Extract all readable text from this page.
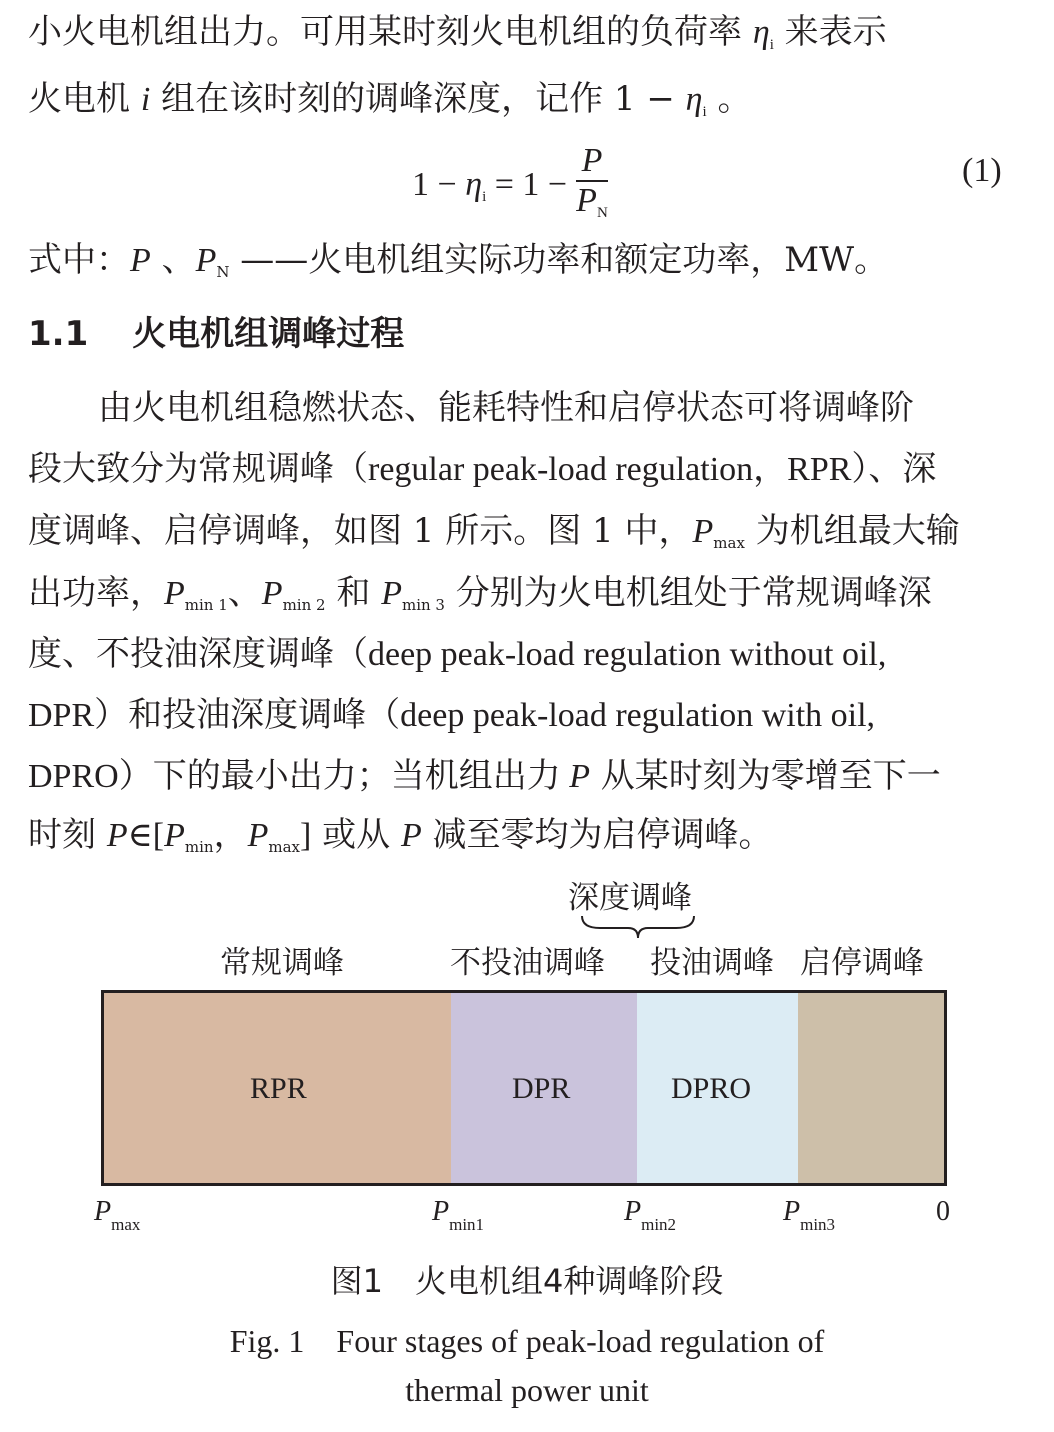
小火电机组出力。可用某时刻火电机组的负荷率 $\eta_i$ 来表示
火电机 i 组在该时刻的调峰深度，记作 $1 - \eta_i$ 。
$1 - \eta_i = 1 - \frac{P}{P_N}$	(1)
式中：P 、$P_N$ ——火电机组实际功率和额定功率，MW。
1.1 火电机组调峰过程
由火电机组稳燃状态、能耗特性和启停状态可将调峰阶
段大致分为常规调峰（regular peak-load regulation，RPR）、深
度调峰、启停调峰，如图 1 所示。图 1 中，$P_{max}$ 为机组最大输
出功率，$P_{min 1}$、$P_{min 2}$ 和 $P_{min 3}$ 分别为火电机组处于常规调峰深
度、不投油深度调峰（deep peak-load regulation without oil,
DPR）和投油深度调峰（deep peak-load regulation with oil,
DPRO）下的最小出力；当机组出力 P 从某时刻为零增至下一
时刻 $P\in[P_{min}$，$P_{max}$] 或从 P 减至零均为启停调峰。
深度调峰
常规调峰	不投油调峰 投油调峰 启停调峰
RPR	DPR	DPRO
$P_{max}$	$P_{min1}$	$P_{min2}$	$P_{min3}$	0
图1　火电机组4种调峰阶段
Fig. 1　Four stages of peak-load regulation of
thermal power unit
